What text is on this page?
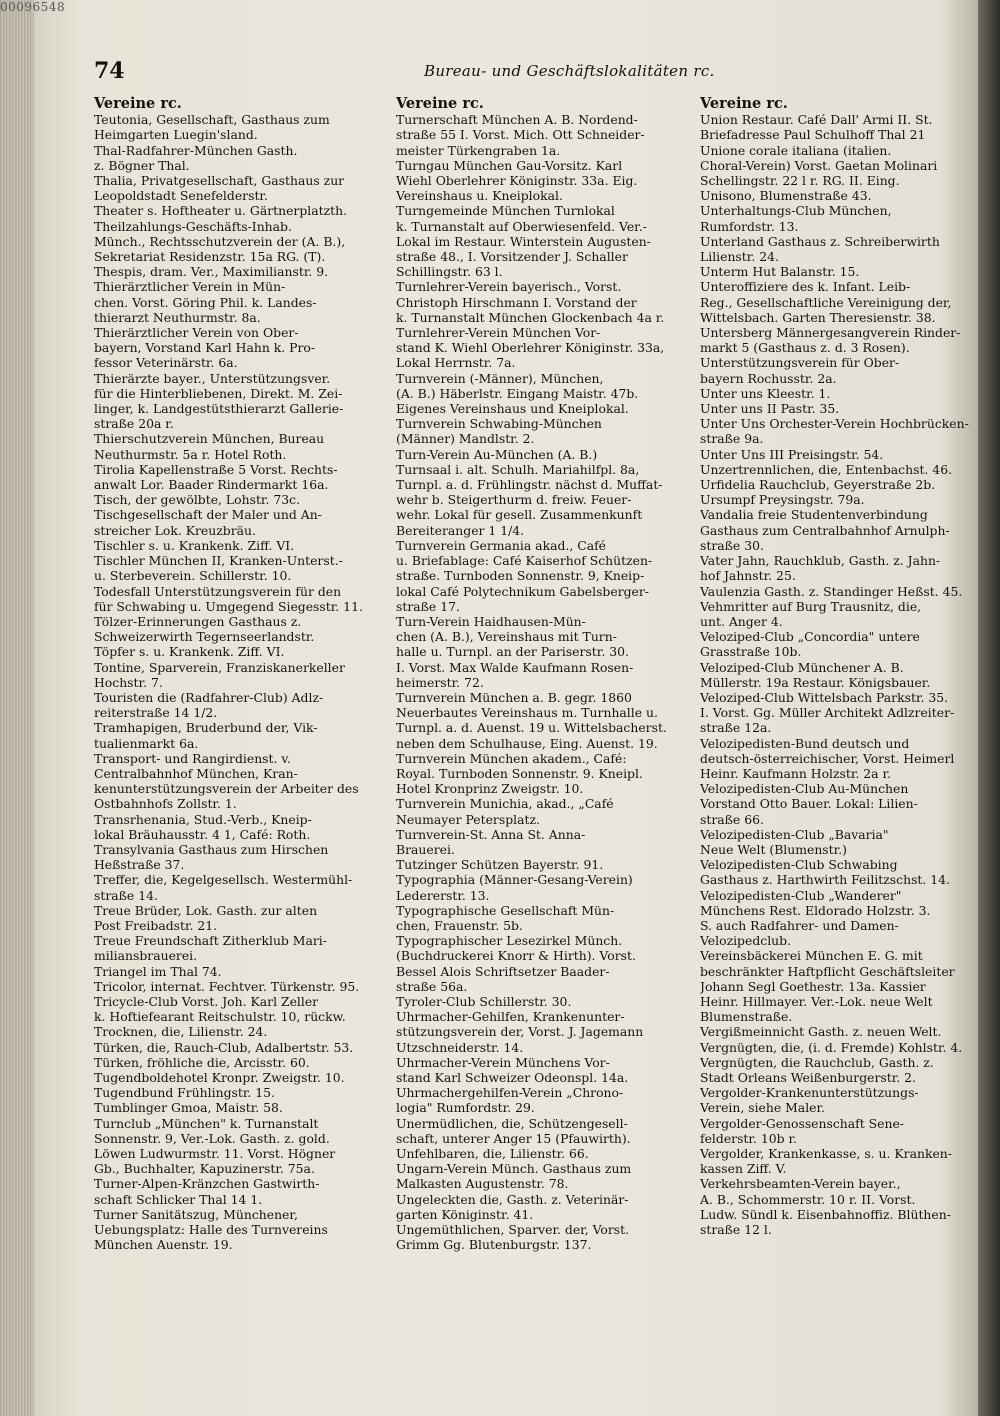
00096548
74	Bureau- und Geschäftslokalitäten rc.
Vereine rc.
Teutonia, Gesellschaft, Gasthaus zum
Heimgarten Luegin'sland.
Thal-Radfahrer-München Gasth.
z. Bögner Thal.
Thalia, Privatgesellschaft, Gasthaus zur
Leopoldstadt Senefelderstr.
Theater s. Hoftheater u. Gärtnerplatzth.
Theilzahlungs-Geschäfts-Inhab.
Münch., Rechtsschutzverein der (A. B.),
Sekretariat Residenzstr. 15a RG. (T).
Thespis, dram. Ver., Maximilianstr. 9.
Thierärztlicher Verein in Mün-
chen. Vorst. Göring Phil. k. Landes-
thierarzt Neuthurmstr. 8a.
Thierärztlicher Verein von Ober-
bayern, Vorstand Karl Hahn k. Pro-
fessor Veterinärstr. 6a.
Thierärzte bayer., Unterstützungsver.
für die Hinterbliebenen, Direkt. M. Zei-
linger, k. Landgestütsthierarzt Gallerie-
straße 20a r.
Thierschutzverein München, Bureau
Neuthurmstr. 5a r. Hotel Roth.
Tirolia Kapellenstraße 5 Vorst. Rechts-
anwalt Lor. Baader Rindermarkt 16a.
Tisch, der gewölbte, Lohstr. 73c.
Tischgesellschaft der Maler und An-
streicher Lok. Kreuzbräu.
Tischler s. u. Krankenk. Ziff. VI.
Tischler München II, Kranken-Unterst.-
u. Sterbeverein. Schillerstr. 10.
Todesfall Unterstützungsverein für den
für Schwabing u. Umgegend Siegesstr. 11.
Tölzer-Erinnerungen Gasthaus z.
Schweizerwirth Tegernseerlandstr.
Töpfer s. u. Krankenk. Ziff. VI.
Tontine, Sparverein, Franziskanerkeller
Hochstr. 7.
Touristen die (Radfahrer-Club) Adlz-
reiterstraße 14 1/2.
Tramhapigen, Bruderbund der, Vik-
tualienmarkt 6a.
Transport- und Rangirdienst. v.
Centralbahnhof München, Kran-
kenunterstützungsverein der Arbeiter des
Ostbahnhofs Zollstr. 1.
Transrhenania, Stud.-Verb., Kneip-
lokal Bräuhausstr. 4 1, Café: Roth.
Transylvania Gasthaus zum Hirschen
Heßstraße 37.
Treffer, die, Kegelgesellsch. Westermühl-
straße 14.
Treue Brüder, Lok. Gasth. zur alten
Post Freibadstr. 21.
Treue Freundschaft Zitherklub Mari-
miliansbrauerei.
Triangel im Thal 74.
Tricolor, internat. Fechtver. Türkenstr. 95.
Tricycle-Club Vorst. Joh. Karl Zeller
k. Hoftiefearant Reitschulstr. 10, rückw.
Trocknen, die, Lilienstr. 24.
Türken, die, Rauch-Club, Adalbertstr. 53.
Türken, fröhliche die, Arcisstr. 60.
Tugendboldehotel Kronpr. Zweigstr. 10.
Tugendbund Frühlingstr. 15.
Tumblinger Gmoa, Maistr. 58.
Turnclub „München" k. Turnanstalt
Sonnenstr. 9, Ver.-Lok. Gasth. z. gold.
Löwen Ludwurmstr. 11. Vorst. Högner
Gb., Buchhalter, Kapuzinerstr. 75a.
Turner-Alpen-Kränzchen Gastwirth-
schaft Schlicker Thal 14 1.
Turner Sanitätszug, Münchener,
Uebungsplatz: Halle des Turnvereins
München Auenstr. 19.
Vereine rc.
Turnerschaft München A. B. Nordend-
straße 55 I. Vorst. Mich. Ott Schneider-
meister Türkengraben 1a.
Turngau München Gau-Vorsitz. Karl
Wiehl Oberlehrer Königinstr. 33a. Eig.
Vereinshaus u. Kneiplokal.
Turngemeinde München Turnlokal
k. Turnanstalt auf Oberwiesenfeld. Ver.-
Lokal im Restaur. Winterstein Augusten-
straße 48., I. Vorsitzender J. Schaller
Schillingstr. 63 l.
Turnlehrer-Verein bayerisch., Vorst.
Christoph Hirschmann I. Vorstand der
k. Turnanstalt München Glockenbach 4a r.
Turnlehrer-Verein München Vor-
stand K. Wiehl Oberlehrer Königinstr. 33a,
Lokal Herrnstr. 7a.
Turnverein (-Männer), München,
(A. B.) Häberlstr. Eingang Maistr. 47b.
Eigenes Vereinshaus und Kneiplokal.
Turnverein Schwabing-München
(Männer) Mandlstr. 2.
Turn-Verein Au-München (A. B.)
Turnsaal i. alt. Schulh. Mariahilfpl. 8a,
Turnpl. a. d. Frühlingstr. nächst d. Muffat-
wehr b. Steigerthurm d. freiw. Feuer-
wehr. Lokal für gesell. Zusammenkunft
Bereiteranger 1 1/4.
Turnverein Germania akad., Café
u. Briefablage: Café Kaiserhof Schützen-
straße. Turnboden Sonnenstr. 9, Kneip-
lokal Café Polytechnikum Gabelsberger-
straße 17.
Turn-Verein Haidhausen-Mün-
chen (A. B.), Vereinshaus mit Turn-
halle u. Turnpl. an der Pariserstr. 30.
I. Vorst. Max Walde Kaufmann Rosen-
heimerstr. 72.
Turnverein München a. B. gegr. 1860
Neuerbautes Vereinshaus m. Turnhalle u.
Turnpl. a. d. Auenst. 19 u. Wittelsbacherst.
neben dem Schulhause, Eing. Auenst. 19.
Turnverein München akadem., Café:
Royal. Turnboden Sonnenstr. 9. Kneipl.
Hotel Kronprinz Zweigstr. 10.
Turnverein Munichia, akad., „Café
Neumayer Petersplatz.
Turnverein-St. Anna St. Anna-
Brauerei.
Tutzinger Schützen Bayerstr. 91.
Typographia (Männer-Gesang-Verein)
Ledererstr. 13.
Typographische Gesellschaft Mün-
chen, Frauenstr. 5b.
Typographischer Lesezirkel Münch.
(Buchdruckerei Knorr & Hirth). Vorst.
Bessel Alois Schriftsetzer Baader-
straße 56a.
Tyroler-Club Schillerstr. 30.
Uhrmacher-Gehilfen, Krankenunter-
stützungsverein der, Vorst. J. Jagemann
Utzschneiderstr. 14.
Uhrmacher-Verein Münchens Vor-
stand Karl Schweizer Odeonspl. 14a.
Uhrmachergehilfen-Verein „Chrono-
logia" Rumfordstr. 29.
Unermüdlichen, die, Schützengesell-
schaft, unterer Anger 15 (Pfauwirth).
Unfehlbaren, die, Lilienstr. 66.
Ungarn-Verein Münch. Gasthaus zum
Malkasten Augustenstr. 78.
Ungeleckten die, Gasth. z. Veterinär-
garten Königinstr. 41.
Ungemüthlichen, Sparver. der, Vorst.
Grimm Gg. Blutenburgstr. 137.
Vereine rc.
Union Restaur. Café Dall' Armi II. St.
Briefadresse Paul Schulhoff Thal 21
Unione corale italiana (italien.
Choral-Verein) Vorst. Gaetan Molinari
Schellingstr. 22 l r. RG. II. Eing.
Unisono, Blumenstraße 43.
Unterhaltungs-Club München,
Rumfordstr. 13.
Unterland Gasthaus z. Schreiberwirth
Lilienstr. 24.
Unterm Hut Balanstr. 15.
Unteroffiziere des k. Infant. Leib-
Reg., Gesellschaftliche Vereinigung der,
Wittelsbach. Garten Theresienstr. 38.
Untersberg Männergesangverein Rinder-
markt 5 (Gasthaus z. d. 3 Rosen).
Unterstützungsverein für Ober-
bayern Rochusstr. 2a.
Unter uns Kleestr. 1.
Unter uns II Pastr. 35.
Unter Uns Orchester-Verein Hochbrücken-
straße 9a.
Unter Uns III Preisingstr. 54.
Unzertrennlichen, die, Entenbachst. 46.
Urfidelia Rauchclub, Geyerstraße 2b.
Ursumpf Preysingstr. 79a.
Vandalia freie Studentenverbindung
Gasthaus zum Centralbahnhof Arnulph-
straße 30.
Vater Jahn, Rauchklub, Gasth. z. Jahn-
hof Jahnstr. 25.
Vaulenzia Gasth. z. Standinger Heßst. 45.
Vehmritter auf Burg Trausnitz, die,
unt. Anger 4.
Veloziped-Club „Concordia" untere
Grasstraße 10b.
Veloziped-Club Münchener A. B.
Müllerstr. 19a Restaur. Königsbauer.
Veloziped-Club Wittelsbach Parkstr. 35.
I. Vorst. Gg. Müller Architekt Adlzreiter-
straße 12a.
Velozipedisten-Bund deutsch und
deutsch-österreichischer, Vorst. Heimerl
Heinr. Kaufmann Holzstr. 2a r.
Velozipedisten-Club Au-München
Vorstand Otto Bauer. Lokal: Lilien-
straße 66.
Velozipedisten-Club „Bavaria"
Neue Welt (Blumenstr.)
Velozipedisten-Club Schwabing
Gasthaus z. Harthwirth Feilitzschst. 14.
Velozipedisten-Club „Wanderer"
Münchens Rest. Eldorado Holzstr. 3.
S. auch Radfahrer- und Damen-
Velozipedclub.
Vereinsbäckerei München E. G. mit
beschränkter Haftpflicht Geschäftsleiter
Johann Segl Goethestr. 13a. Kassier
Heinr. Hillmayer. Ver.-Lok. neue Welt
Blumenstraße.
Vergißmeinnicht Gasth. z. neuen Welt.
Vergnügten, die, (i. d. Fremde) Kohlstr. 4.
Vergnügten, die Rauchclub, Gasth. z.
Stadt Orleans Weißenburgerstr. 2.
Vergolder-Krankenunterstützungs-
Verein, siehe Maler.
Vergolder-Genossenschaft Sene-
felderstr. 10b r.
Vergolder, Krankenkasse, s. u. Kranken-
kassen Ziff. V.
Verkehrsbeamten-Verein bayer.,
A. B., Schommerstr. 10 r. II. Vorst.
Ludw. Sündl k. Eisenbahnoffiz. Blüthen-
straße 12 l.
